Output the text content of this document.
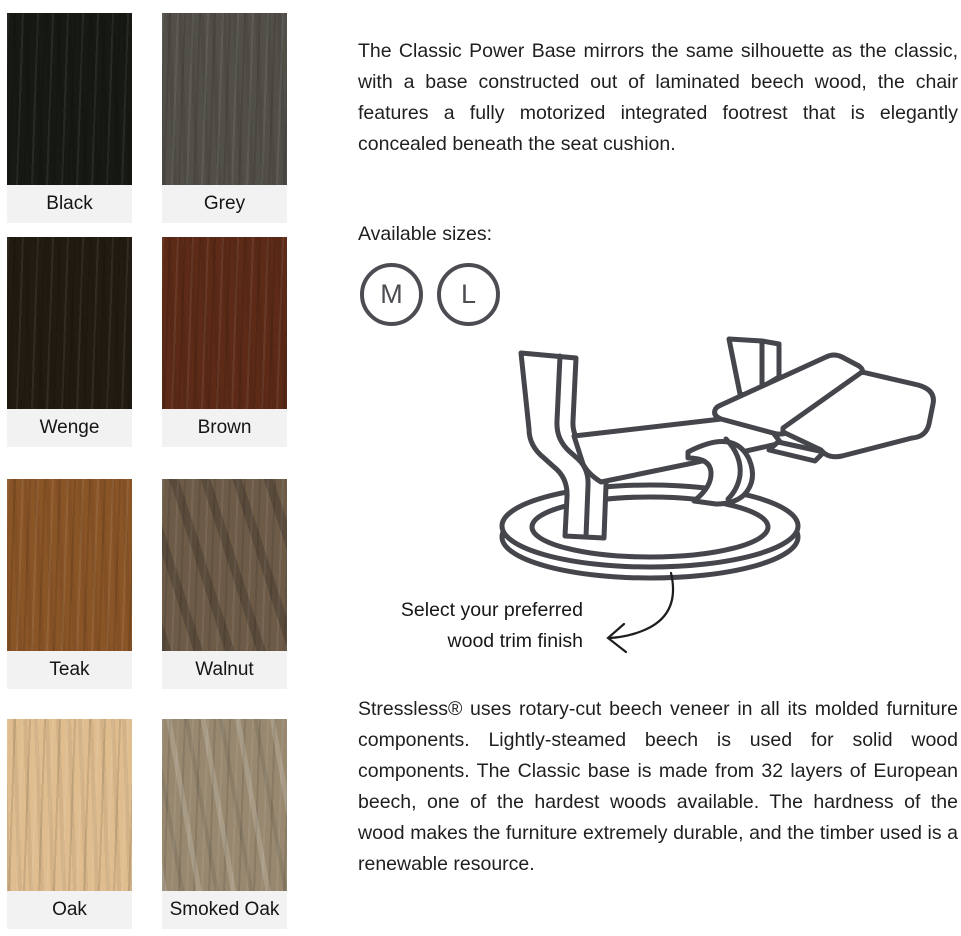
Black	Grey
Wenge	Brown
Teak	Walnut
Oak	Smoked Oak

The Classic Power Base mirrors the same silhouette as the classic, with a base constructed out of laminated beech wood, the chair features a fully motorized integrated footrest that is elegantly concealed beneath the seat cushion.

Available sizes:
M	L
Select your preferred
wood trim finish

Stressless® uses rotary-cut beech veneer in all its molded furniture components. Lightly-steamed beech is used for solid wood components. The Classic base is made from 32 layers of European beech, one of the hardest woods available. The hardness of the wood makes the furniture extremely durable, and the timber used is a renewable resource.
